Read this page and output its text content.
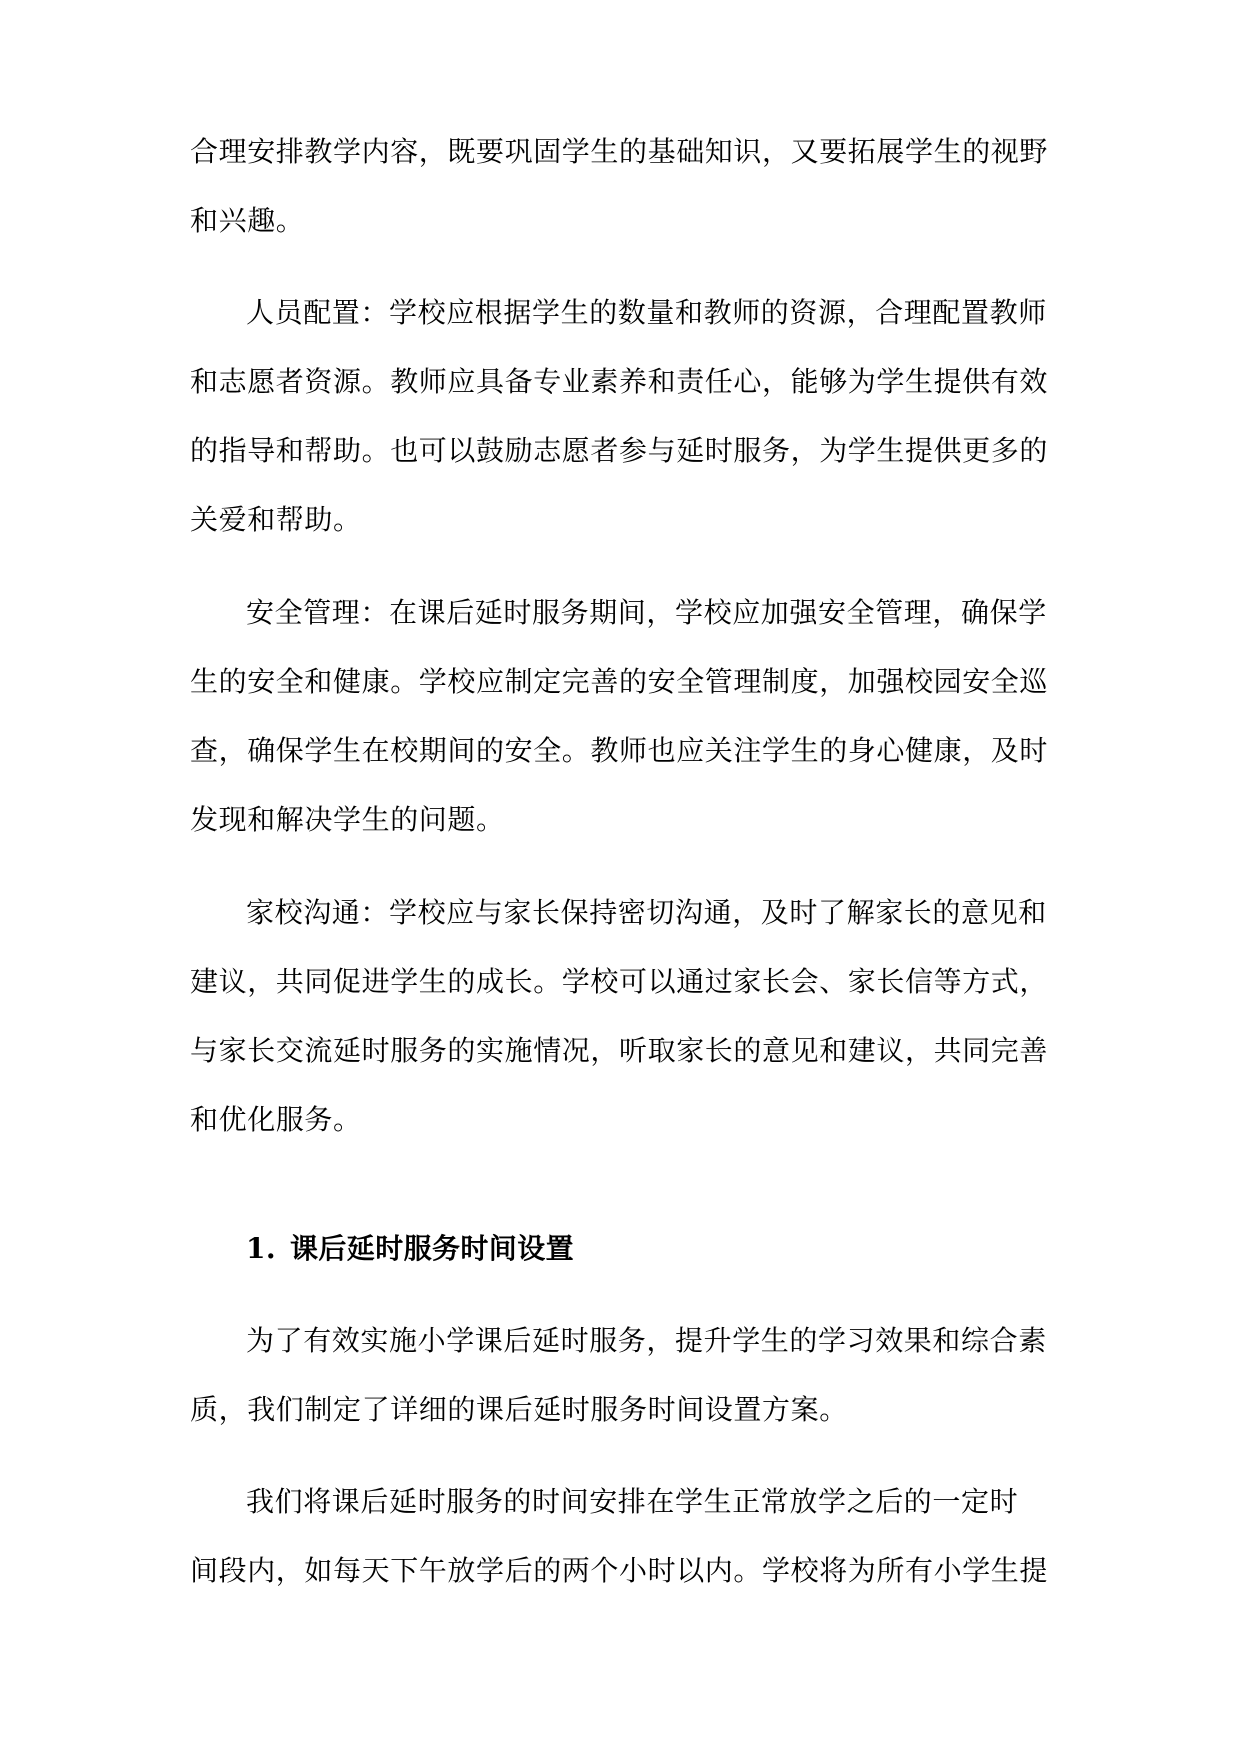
合理安排教学内容，既要巩固学生的基础知识，又要拓展学生的视野
和兴趣。
人员配置：学校应根据学生的数量和教师的资源，合理配置教师
和志愿者资源。教师应具备专业素养和责任心，能够为学生提供有效
的指导和帮助。也可以鼓励志愿者参与延时服务，为学生提供更多的
关爱和帮助。
安全管理：在课后延时服务期间，学校应加强安全管理，确保学
生的安全和健康。学校应制定完善的安全管理制度，加强校园安全巡
查，确保学生在校期间的安全。教师也应关注学生的身心健康，及时
发现和解决学生的问题。
家校沟通：学校应与家长保持密切沟通，及时了解家长的意见和
建议，共同促进学生的成长。学校可以通过家长会、家长信等方式，
与家长交流延时服务的实施情况，听取家长的意见和建议，共同完善
和优化服务。
1. 课后延时服务时间设置
为了有效实施小学课后延时服务，提升学生的学习效果和综合素
质，我们制定了详细的课后延时服务时间设置方案。
我们将课后延时服务的时间安排在学生正常放学之后的一定时
间段内，如每天下午放学后的两个小时以内。学校将为所有小学生提
